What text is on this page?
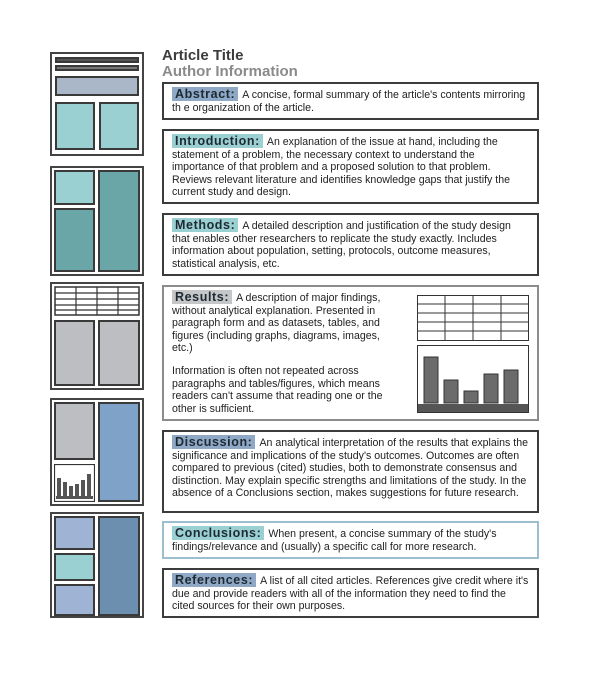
Article Title
Author Information
Abstract: A concise, formal summary of the article's contents mirroring th e organization of the article.
Introduction: An explanation of the issue at hand, including the statement of a problem, the necessary context to understand the importance of that problem and a proposed solution to that problem. Reviews relevant literature and identifies knowledge gaps that justify the current study and design.
Methods: A detailed description and justification of the study design that enables other researchers to replicate the study exactly. Includes information about population, setting, protocols, outcome measures, statistical analysis, etc.
Results: A description of major findings, without analytical explanation. Presented in paragraph form and as datasets, tables, and figures (including graphs, diagrams, images, etc.)
Information is often not repeated across paragraphs and tables/figures, which means readers can't assume that reading one or the other is sufficient.
Discussion: An analytical interpretation of the results that explains the significance and implications of the study's outcomes. Outcomes are often compared to previous (cited) studies, both to demonstrate consensus and distinction. May explain specific strengths and limitations of the study. In the absence of a Conclusions section, makes suggestions for future research.
Conclusions: When present, a concise summary of the study's findings/relevance and (usually) a specific call for more research.
References: A list of all cited articles. References give credit where it's due and provide readers with all of the information they need to find the cited sources for their own purposes.
